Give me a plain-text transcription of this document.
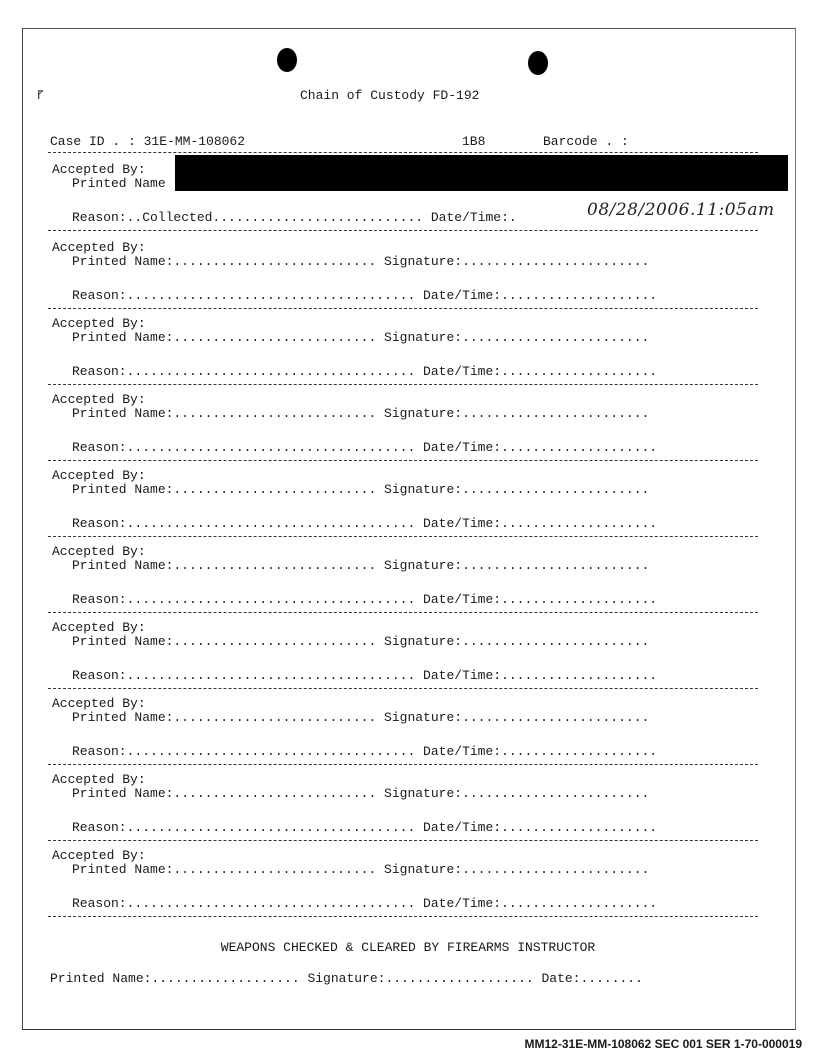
⹍	Chain of Custody FD-192
Case ID . : 31E-MM-108062	1B8	Barcode . :
Accepted By:
Printed Name
Reason:..Collected........................... Date/Time:.	08/28/2006.11:05am
Accepted By:
Printed Name:.......................... Signature:........................
Reason:..................................... Date/Time:....................
Accepted By:
Printed Name:.......................... Signature:........................
Reason:..................................... Date/Time:....................
Accepted By:
Printed Name:.......................... Signature:........................
Reason:..................................... Date/Time:....................
Accepted By:
Printed Name:.......................... Signature:........................
Reason:..................................... Date/Time:....................
Accepted By:
Printed Name:.......................... Signature:........................
Reason:..................................... Date/Time:....................
Accepted By:
Printed Name:.......................... Signature:........................
Reason:..................................... Date/Time:....................
Accepted By:
Printed Name:.......................... Signature:........................
Reason:..................................... Date/Time:....................
Accepted By:
Printed Name:.......................... Signature:........................
Reason:..................................... Date/Time:....................
Accepted By:
Printed Name:.......................... Signature:........................
Reason:..................................... Date/Time:....................
WEAPONS CHECKED & CLEARED BY FIREARMS INSTRUCTOR
Printed Name:................... Signature:................... Date:........
MM12-31E-MM-108062 SEC 001 SER 1-70-000019
